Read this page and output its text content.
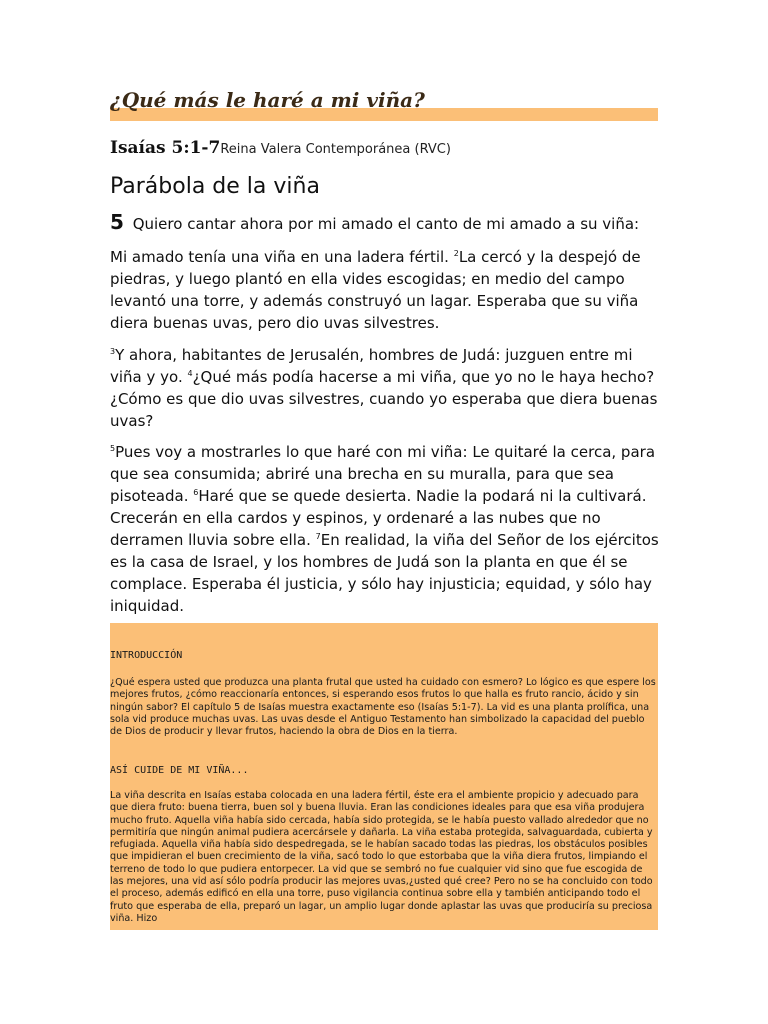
¿Qué más le haré a mi viña?
Isaías 5:1-7Reina Valera Contemporánea (RVC)
Parábola de la viña
5 Quiero cantar ahora por mi amado el canto de mi amado a su viña:
Mi amado tenía una viña en una ladera fértil. $^2$La cercó y la despejó de piedras, y luego plantó en ella vides escogidas; en medio del campo levantó una torre, y además construyó un lagar. Esperaba que su viña diera buenas uvas, pero dio uvas silvestres.
$^3$Y ahora, habitantes de Jerusalén, hombres de Judá: juzguen entre mi viña y yo. $^4$¿Qué más podía hacerse a mi viña, que yo no le haya hecho? ¿Cómo es que dio uvas silvestres, cuando yo esperaba que diera buenas uvas?
$^5$Pues voy a mostrarles lo que haré con mi viña: Le quitaré la cerca, para que sea consumida; abriré una brecha en su muralla, para que sea pisoteada. $^6$Haré que se quede desierta. Nadie la podará ni la cultivará. Crecerán en ella cardos y espinos, y ordenaré a las nubes que no derramen lluvia sobre ella. $^7$En realidad, la viña del Señor de los ejércitos es la casa de Israel, y los hombres de Judá son la planta en que él se complace. Esperaba él justicia, y sólo hay injusticia; equidad, y sólo hay iniquidad.
INTRODUCCIÓN
¿Qué espera usted que produzca una planta frutal que usted ha cuidado con esmero? Lo lógico es que espere los mejores frutos, ¿cómo reaccionaría entonces, si esperando esos frutos lo que halla es fruto rancio, ácido y sin ningún sabor? El capítulo 5 de Isaías muestra exactamente eso (Isaías 5:1-7). La vid es una planta prolífica, una sola vid produce muchas uvas. Las uvas desde el Antiguo Testamento han simbolizado la capacidad del pueblo de Dios de producir y llevar frutos, haciendo la obra de Dios en la tierra.
ASÍ CUIDE DE MI VIÑA...
La viña descrita en Isaías estaba colocada en una ladera fértil, éste era el ambiente propicio y adecuado para que diera fruto: buena tierra, buen sol y buena lluvia. Eran las condiciones ideales para que esa viña produjera mucho fruto. Aquella viña había sido cercada, había sido protegida, se le había puesto vallado alrededor que no permitiría que ningún animal pudiera acercársele y dañarla. La viña estaba protegida, salvaguardada, cubierta y refugiada. Aquella viña había sido despedregada, se le habían sacado todas las piedras, los obstáculos posibles que impidieran el buen crecimiento de la viña, sacó todo lo que estorbaba que la viña diera frutos, limpiando el terreno de todo lo que pudiera entorpecer. La vid que se sembró no fue cualquier vid sino que fue escogida de las mejores, una vid así sólo podría producir las mejores uvas,¿usted qué cree? Pero no se ha concluido con todo el proceso, además edificó en ella una torre, puso vigilancia continua sobre ella y también anticipando todo el fruto que esperaba de ella, preparó un lagar, un amplio lugar donde aplastar las uvas que produciría su preciosa viña. Hizo
